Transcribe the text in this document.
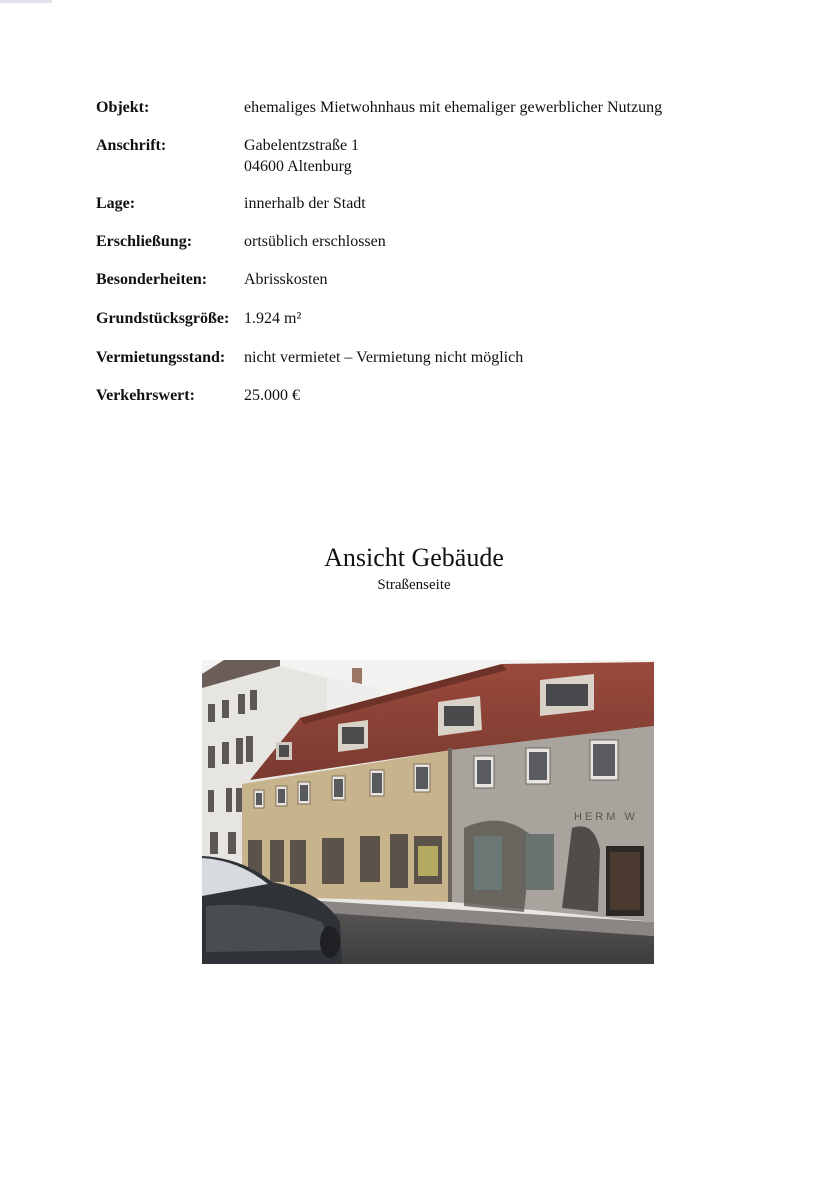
Objekt:	ehemaliges Mietwohnhaus mit ehemaliger gewerblicher Nutzung
Anschrift:	Gabelentzstraße 1
04600 Altenburg
Lage:	innerhalb der Stadt
Erschließung:	ortsüblich erschlossen
Besonderheiten:	Abrisskosten
Grundstücksgröße: 1.924 m²
Vermietungsstand:	nicht vermietet – Vermietung nicht möglich
Verkehrswert:	25.000 €
Ansicht Gebäude
Straßenseite
HERM W
